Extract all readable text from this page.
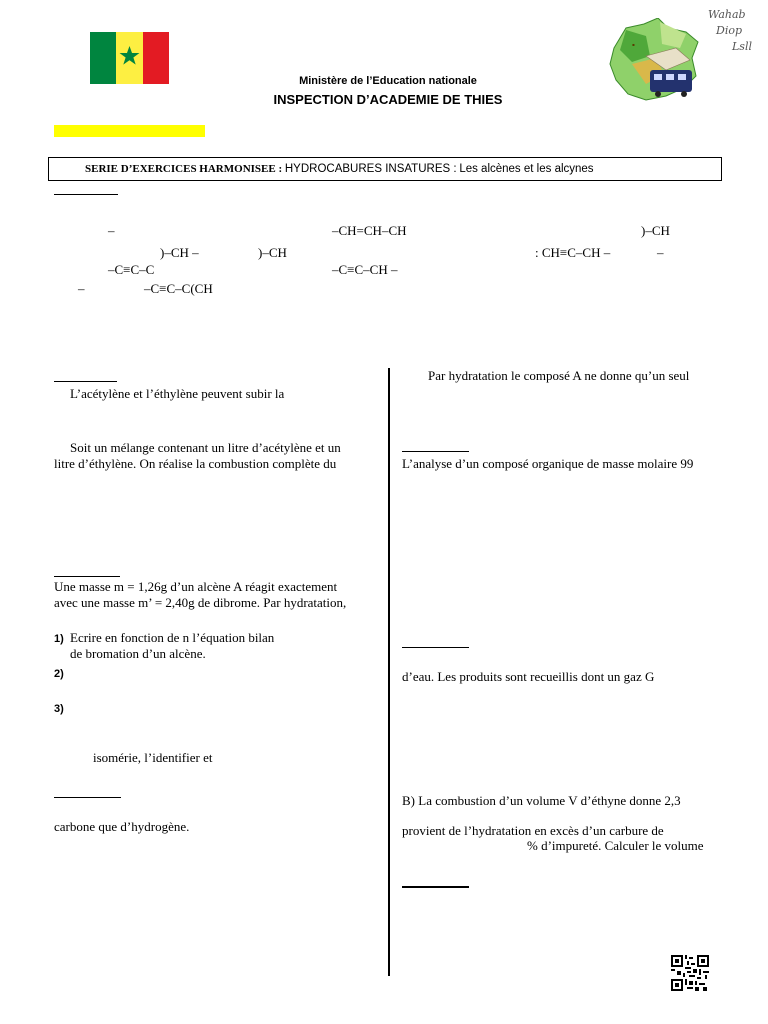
Ministère de l’Education nationale
INSPECTION D’ACADEMIE DE THIES
▪
Wahab
Diop
Lsll
SERIE D’EXERCICES HARMONISEE : HYDROCABURES INSATURES : Les alcènes et les alcynes
–	–CH=CH–CH	)–CH
)–CH –	)–CH	: CH≡C–CH –	–
–C≡C–C	–C≡C–CH –
–	–C≡C–C(CH
L’acétylène et l’éthylène peuvent subir la
Soit un mélange contenant un litre d’acétylène et un
litre d’éthylène. On réalise la combustion complète du
Une masse m = 1,26g d’un alcène A réagit exactement
avec une masse m’ = 2,40g de dibrome. Par hydratation,
1) Ecrire en fonction de n l’équation bilan
de bromation d’un alcène.
2)
3)
isomérie, l’identifier et
carbone que d’hydrogène.
Par hydratation le composé A ne donne qu’un seul
L’analyse d’un composé organique de masse molaire 99
d’eau. Les produits sont recueillis dont un gaz G
B) La combustion d’un volume V d’éthyne donne 2,3
provient de l’hydratation en excès d’un carbure de
% d’impureté. Calculer le volume
